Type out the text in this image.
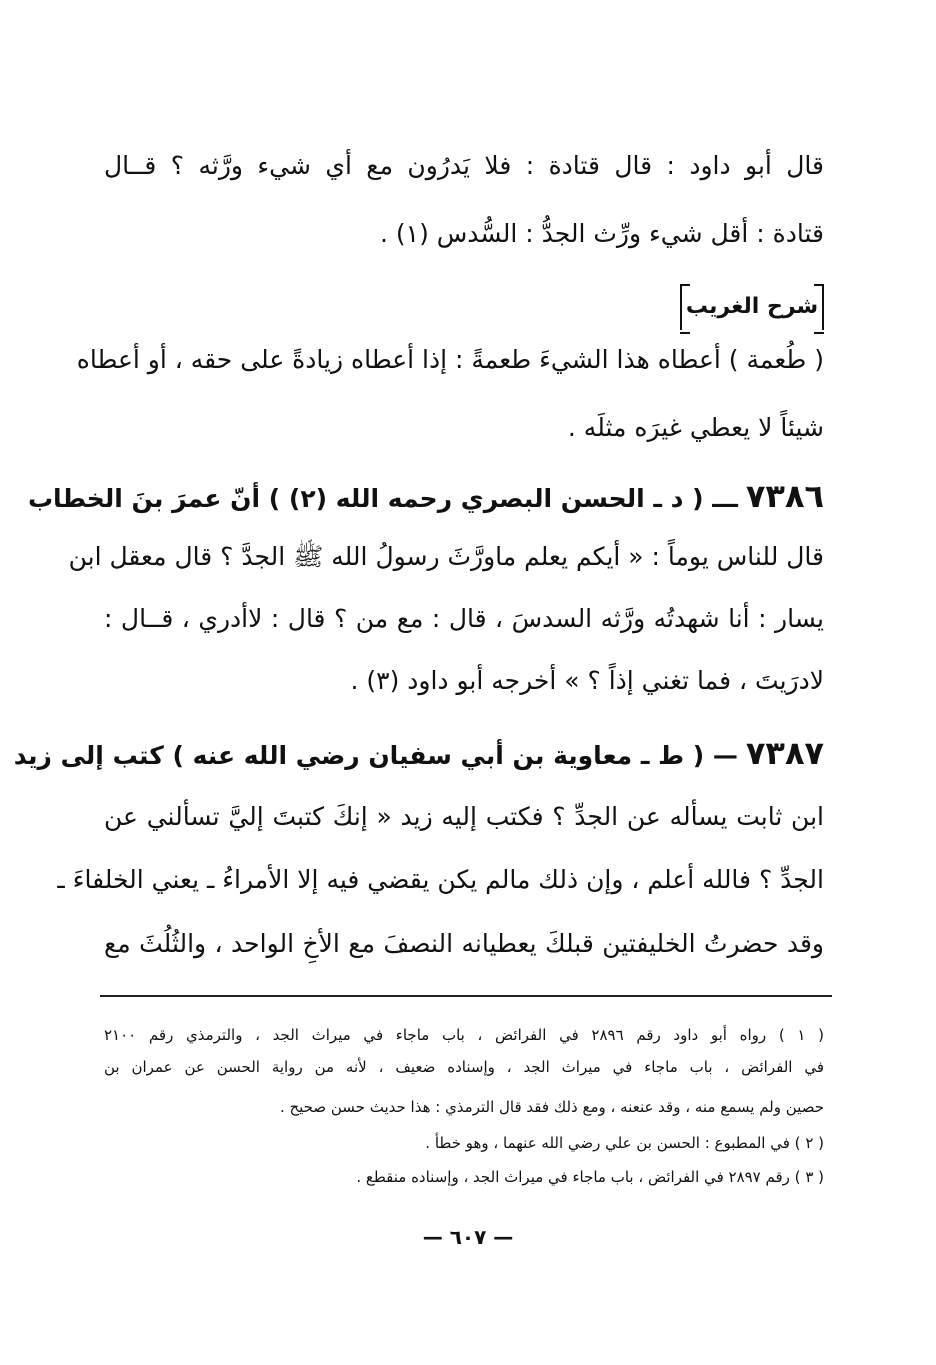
قال أبو داود : قال قتادة : فلا يَدرُون مع أي شيء ورَّثه ؟ قــال
قتادة : أقل شيء ورِّث الجدُّ : السُّدس (١) .
شرح الغريب
( طُعمة ) أعطاه هذا الشيءَ طعمةً : إذا أعطاه زيادةً على حقه ، أو أعطاه
شيئاً لا يعطي غيرَه مثلَه .
٧٣٨٦ ـــ ( د ـ الحسن البصري رحمه الله (٢) ) أنّ عمرَ بنَ الخطاب
قال للناس يوماً : « أيكم يعلم ماورَّثَ رسولُ الله ﷺ الجدَّ ؟ قال معقل ابن
يسار : أنا شهدتُه ورَّثه السدسَ ، قال : مع من ؟ قال : لاأدري ، قــال :
لادرَيتَ ، فما تغني إذاً ؟ » أخرجه أبو داود (٣) .
٧٣٨٧ — ( ط ـ معاوية بن أبي سفيان رضي الله عنه ) كتب إلى زيد
ابن ثابت يسأله عن الجدِّ ؟ فكتب إليه زيد « إنكَ كتبتَ إليَّ تسألني عن
الجدِّ ؟ فالله أعلم ، وإن ذلك مالم يكن يقضي فيه إلا الأمراءُ ـ يعني الخلفاءَ ـ
وقد حضرتُ الخليفتين قبلكَ يعطيانه النصفَ مع الأخِ الواحد ، والثُلُثَ مع
( ١ ) رواه أبو داود رقم ٢٨٩٦ في الفرائض ، باب ماجاء في ميراث الجد ، والترمذي رقم ٢١٠٠
في الفرائض ، باب ماجاء في ميراث الجد ، وإسناده ضعيف ، لأنه من رواية الحسن عن عمران بن
حصين ولم يسمع منه ، وقد عنعنه ، ومع ذلك فقد قال الترمذي : هذا حديث حسن صحيح .
( ٢ ) في المطبوع : الحسن بن علي رضي الله عنهما ، وهو خطأ .
( ٣ ) رقم ٢٨٩٧ في الفرائض ، باب ماجاء في ميراث الجد ، وإسناده منقطع .
— ٦٠٧ —
